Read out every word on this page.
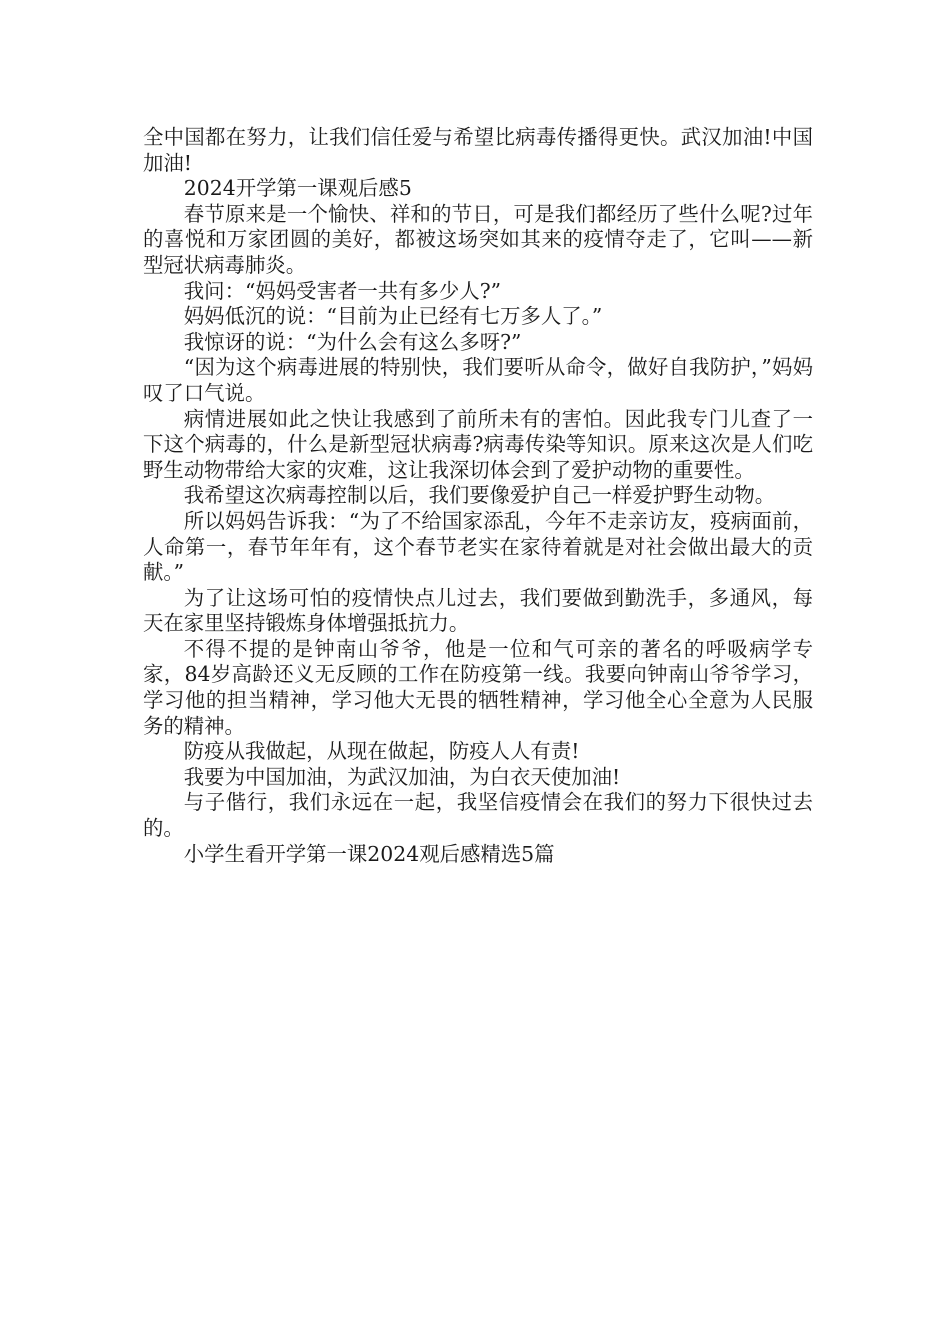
全中国都在努力，让我们信任爱与希望比病毒传播得更快。武汉加油!中国加油!

2024开学第一课观后感5

春节原来是一个愉快、祥和的节日，可是我们都经历了些什么呢?过年的喜悦和万家团圆的美好，都被这场突如其来的疫情夺走了，它叫——新型冠状病毒肺炎。

我问：“妈妈受害者一共有多少人?”

妈妈低沉的说：“目前为止已经有七万多人了。”

我惊讶的说：“为什么会有这么多呀?”

“因为这个病毒进展的特别快，我们要听从命令，做好自我防护，”妈妈叹了口气说。

病情进展如此之快让我感到了前所未有的害怕。因此我专门儿查了一下这个病毒的，什么是新型冠状病毒?病毒传染等知识。原来这次是人们吃野生动物带给大家的灾难，这让我深切体会到了爱护动物的重要性。

我希望这次病毒控制以后，我们要像爱护自己一样爱护野生动物。

所以妈妈告诉我：“为了不给国家添乱，今年不走亲访友，疫病面前，人命第一，春节年年有，这个春节老实在家待着就是对社会做出最大的贡献。”

为了让这场可怕的疫情快点儿过去，我们要做到勤洗手，多通风，每天在家里坚持锻炼身体增强抵抗力。

不得不提的是钟南山爷爷，他是一位和气可亲的著名的呼吸病学专家，84岁高龄还义无反顾的工作在防疫第一线。我要向钟南山爷爷学习，学习他的担当精神，学习他大无畏的牺牲精神，学习他全心全意为人民服务的精神。

防疫从我做起，从现在做起，防疫人人有责!

我要为中国加油，为武汉加油，为白衣天使加油!

与子偕行，我们永远在一起，我坚信疫情会在我们的努力下很快过去的。

小学生看开学第一课2024观后感精选5篇
